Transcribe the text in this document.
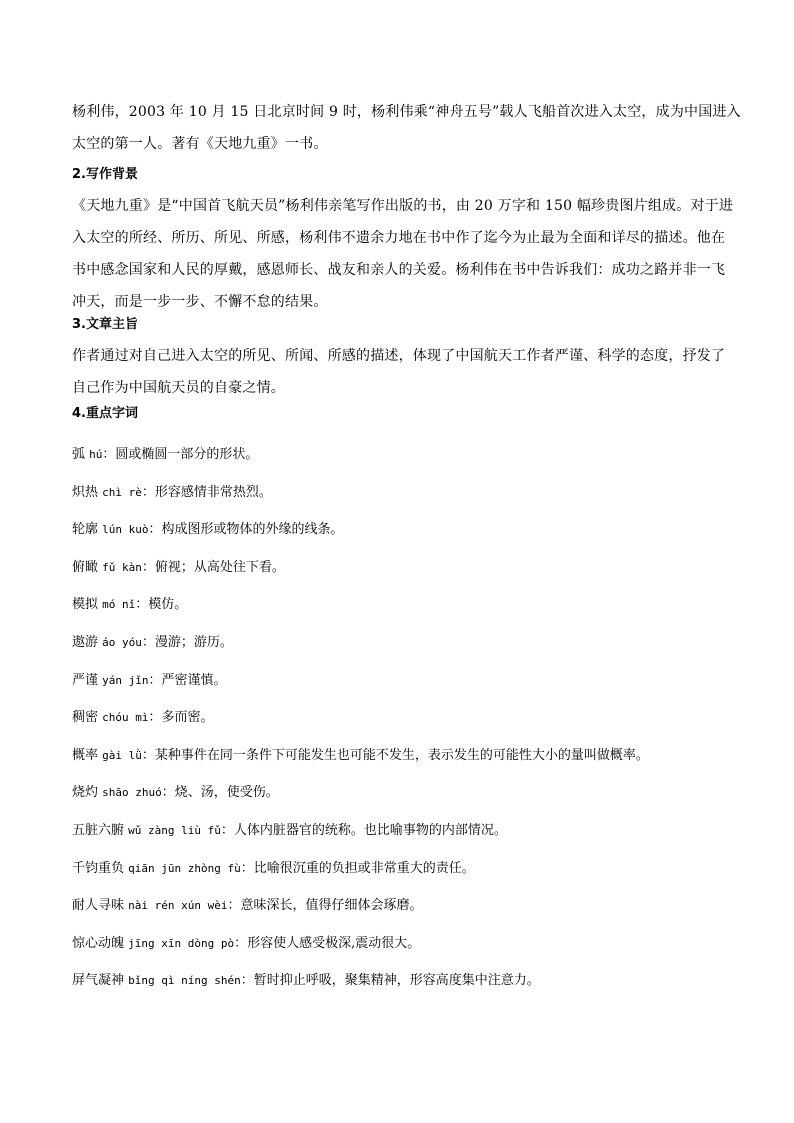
杨利伟，2003 年 10 月 15 日北京时间 9 时，杨利伟乘“神舟五号”载人飞船首次进入太空，成为中国进入
太空的第一人。著有《天地九重》一书。
2.写作背景
《天地九重》是“中国首飞航天员”杨利伟亲笔写作出版的书，由 20 万字和 150 幅珍贵图片组成。对于进
入太空的所经、所历、所见、所感，杨利伟不遗余力地在书中作了迄今为止最为全面和详尽的描述。他在
书中感念国家和人民的厚戴，感恩师长、战友和亲人的关爱。杨利伟在书中告诉我们：成功之路并非一飞
冲天，而是一步一步、不懈不怠的结果。
3.文章主旨
作者通过对自己进入太空的所见、所闻、所感的描述，体现了中国航天工作者严谨、科学的态度，抒发了
自己作为中国航天员的自豪之情。
4.重点字词
弧 hú：圆或椭圆一部分的形状。
炽热 chì rè：形容感情非常热烈。
轮廓 lún kuò：构成图形或物体的外缘的线条。
俯瞰 fǔ kàn：俯视；从高处往下看。
模拟 mó nǐ：模仿。
遨游 áo yóu：漫游；游历。
严谨 yán jǐn：严密谨慎。
稠密 chóu mì：多而密。
概率 gài lǜ：某种事件在同一条件下可能发生也可能不发生，表示发生的可能性大小的量叫做概率。
烧灼 shāo zhuó：烧、汤，使受伤。
五脏六腑 wǔ zàng liù fǔ：人体内脏器官的统称。也比喻事物的内部情况。
千钧重负 qiān jūn zhòng fù：比喻很沉重的负担或非常重大的责任。
耐人寻味 nài rén xún wèi：意味深长，值得仔细体会琢磨。
惊心动魄 jīng xīn dòng pò：形容使人感受极深,震动很大。
屏气凝神 bǐng qì níng shén：暂时抑止呼吸，聚集精神，形容高度集中注意力。
